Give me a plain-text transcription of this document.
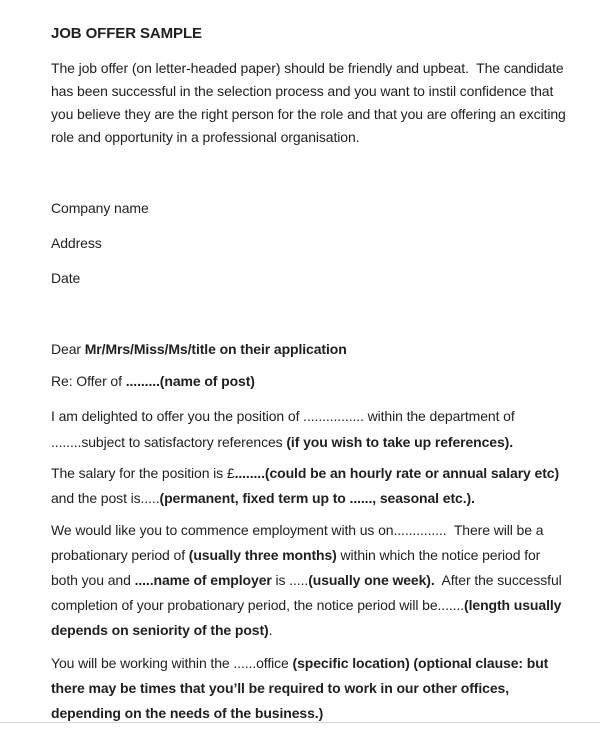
JOB OFFER SAMPLE
The job offer (on letter-headed paper) should be friendly and upbeat.  The candidate
has been successful in the selection process and you want to instil confidence that
you believe they are the right person for the role and that you are offering an exciting
role and opportunity in a professional organisation.
Company name
Address
Date
Dear Mr/Mrs/Miss/Ms/title on their application
Re: Offer of .........(name of post)
I am delighted to offer you the position of ................ within the department of
........subject to satisfactory references (if you wish to take up references).
The salary for the position is £........(could be an hourly rate or annual salary etc)
and the post is.....(permanent, fixed term up to ......, seasonal etc.).
We would like you to commence employment with us on..............  There will be a
probationary period of (usually three months) within which the notice period for
both you and .....name of employer is .....(usually one week).  After the successful
completion of your probationary period, the notice period will be.......(length usually
depends on seniority of the post).
You will be working within the ......office (specific location) (optional clause: but
there may be times that you’ll be required to work in our other offices,
depending on the needs of the business.)
